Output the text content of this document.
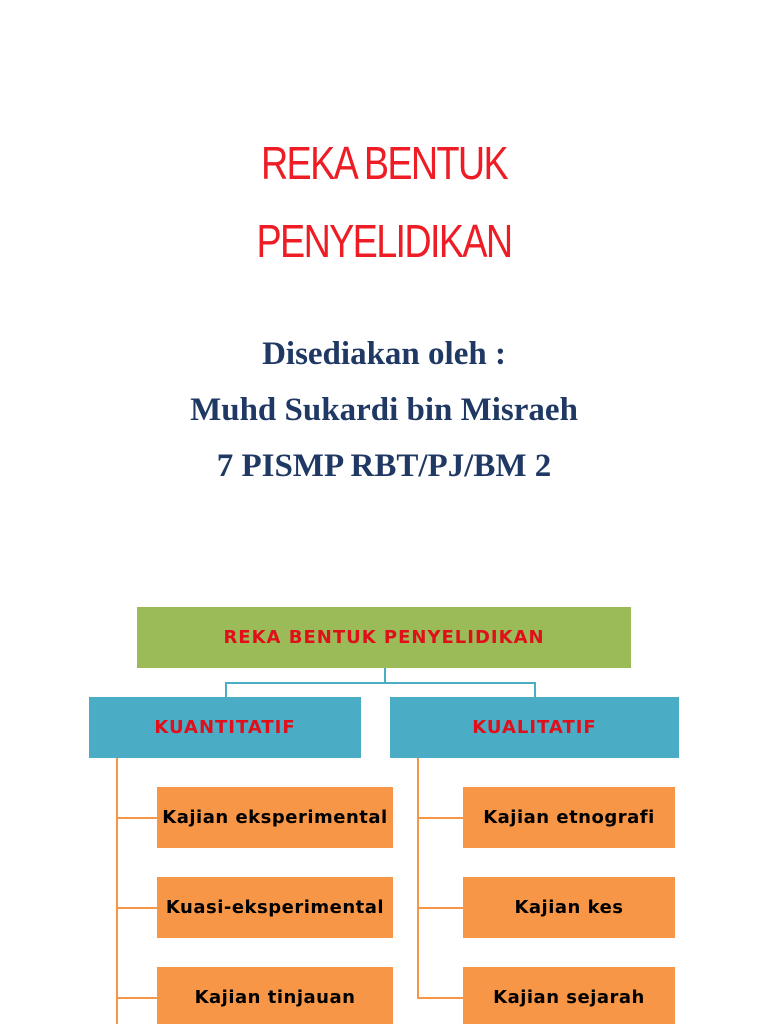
REKA BENTUK
PENYELIDIKAN
Disediakan oleh :
Muhd Sukardi bin Misraeh
7 PISMP RBT/PJ/BM 2
REKA BENTUK PENYELIDIKAN
KUANTITATIF	KUALITATIF
Kajian eksperimental
Kuasi-eksperimental
Kajian tinjauan
Kajian etnografi
Kajian kes
Kajian sejarah
